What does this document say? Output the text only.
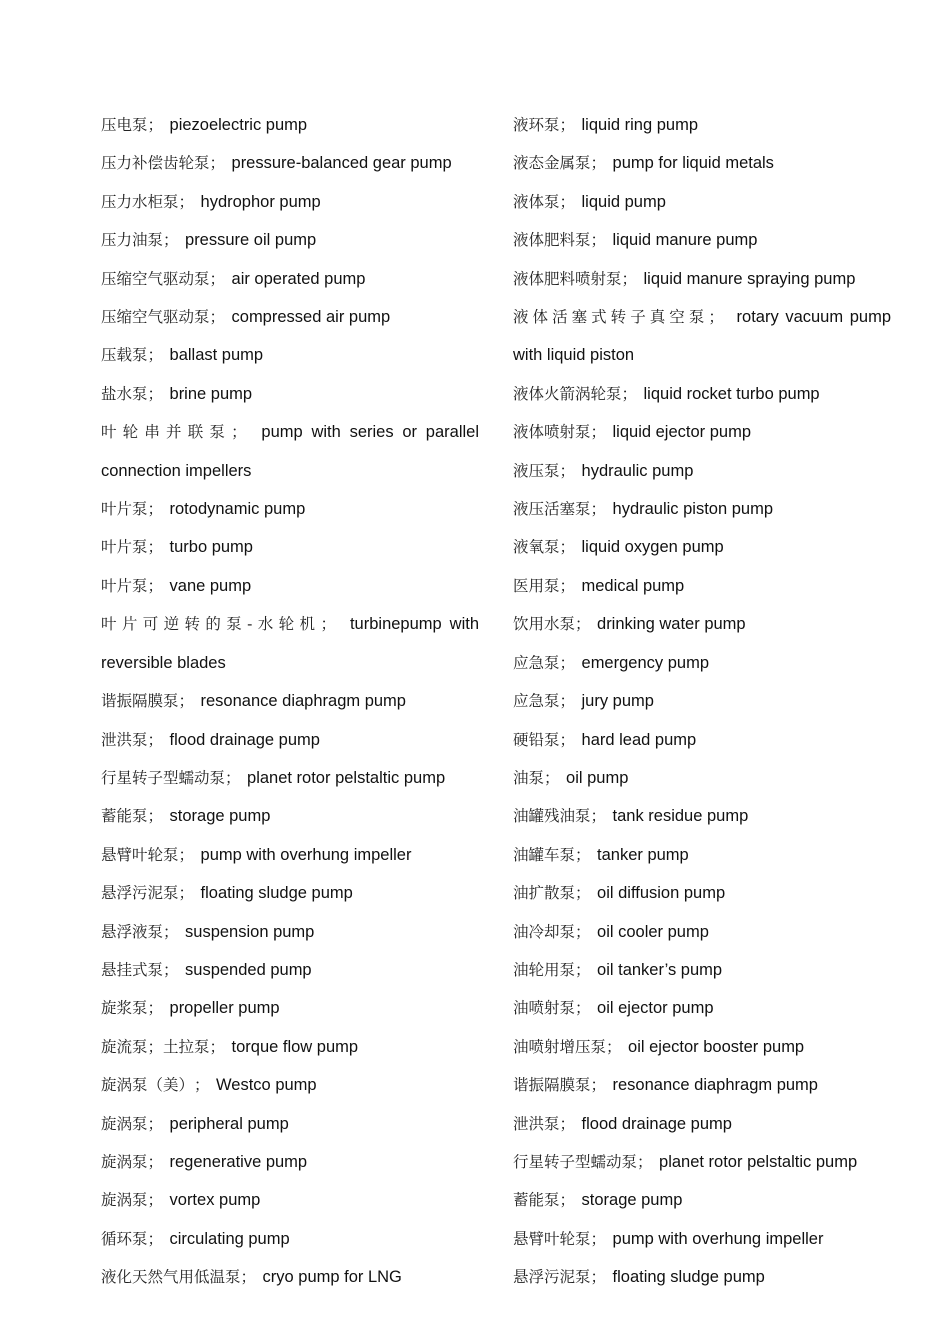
压电泵； piezoelectric pump

压力补偿齿轮泵； pressure-balanced gear pump

压力水柜泵； hydrophor pump

压力油泵； pressure oil pump

压缩空气驱动泵； air operated pump

压缩空气驱动泵； compressed air pump

压载泵； ballast pump

盐水泵； brine pump

叶轮串并联泵； pump with series or parallel connection impellers

叶片泵； rotodynamic pump

叶片泵； turbo pump

叶片泵； vane pump

叶片可逆转的泵-水轮机； turbinepump with reversible blades

谐振隔膜泵； resonance diaphragm pump

泄洪泵； flood drainage pump

行星转子型蠕动泵； planet rotor pelstaltic pump

蓄能泵； storage pump

悬臂叶轮泵； pump with overhung impeller

悬浮污泥泵； floating sludge pump

悬浮液泵； suspension pump

悬挂式泵； suspended pump

旋浆泵； propeller pump

旋流泵；土拉泵； torque flow pump

旋涡泵（美）； Westco pump

旋涡泵； peripheral pump

旋涡泵； regenerative pump

旋涡泵； vortex pump

循环泵； circulating pump

液化天然气用低温泵； cryo pump for LNG

液环泵； liquid ring pump

液态金属泵； pump for liquid metals

液体泵； liquid pump

液体肥料泵； liquid manure pump

液体肥料喷射泵； liquid manure spraying pump

液体活塞式转子真空泵； rotary vacuum pump with liquid piston

液体火箭涡轮泵； liquid rocket turbo pump

液体喷射泵； liquid ejector pump

液压泵； hydraulic pump

液压活塞泵； hydraulic piston pump

液氧泵； liquid oxygen pump

医用泵； medical pump

饮用水泵； drinking water pump

应急泵； emergency pump

应急泵； jury pump

硬铅泵； hard lead pump

油泵； oil pump

油罐残油泵； tank residue pump

油罐车泵； tanker pump

油扩散泵； oil diffusion pump

油冷却泵； oil cooler pump

油轮用泵； oil tanker’s pump

油喷射泵； oil ejector pump

油喷射增压泵； oil ejector booster pump

谐振隔膜泵； resonance diaphragm pump

泄洪泵； flood drainage pump

行星转子型蠕动泵； planet rotor pelstaltic pump

蓄能泵； storage pump

悬臂叶轮泵； pump with overhung impeller

悬浮污泥泵； floating sludge pump
